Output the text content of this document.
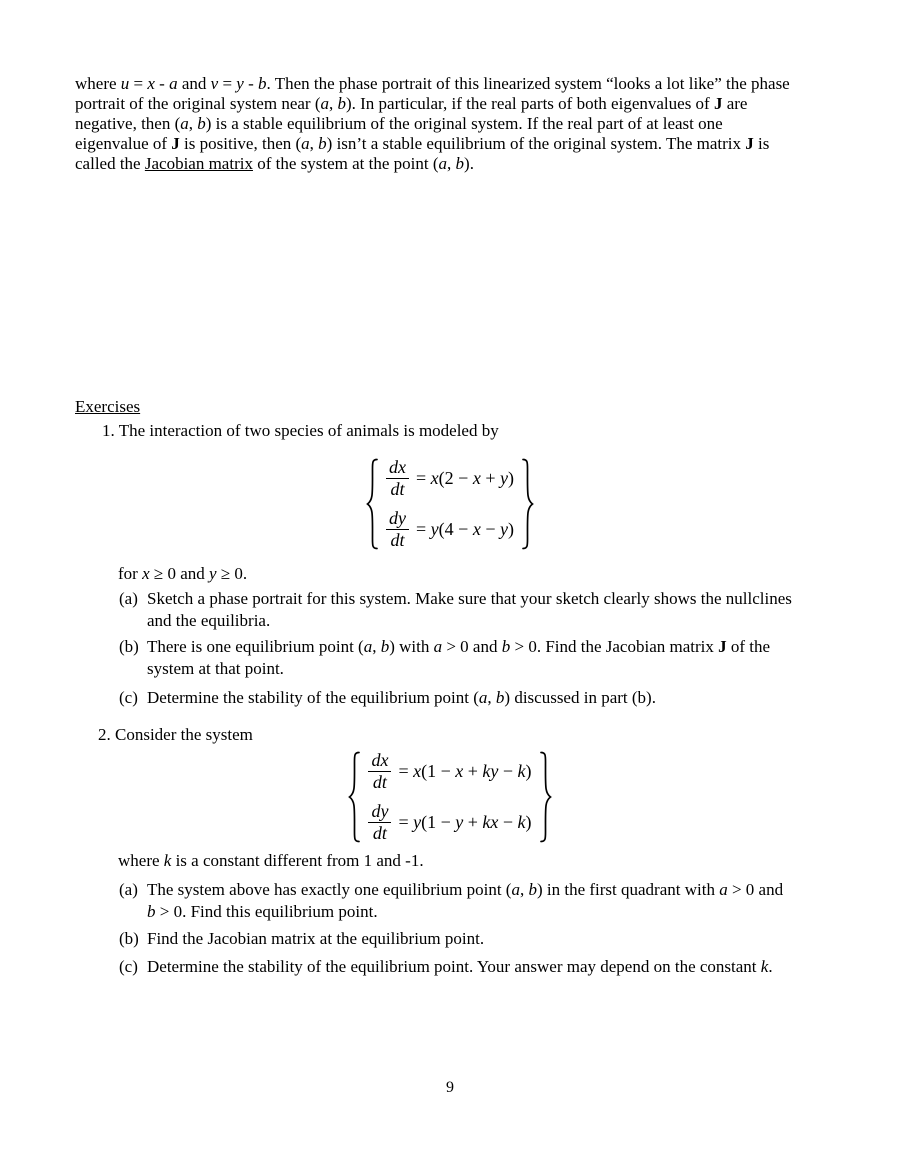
where u = x - a and v = y - b. Then the phase portrait of this linearized system “looks a lot like” the phase
portrait of the original system near (a, b). In particular, if the real parts of both eigenvalues of J are
negative, then (a, b) is a stable equilibrium of the original system. If the real part of at least one
eigenvalue of J is positive, then (a, b) isn’t a stable equilibrium of the original system. The matrix J is
called the Jacobian matrix of the system at the point (a, b).
Exercises
1. The interaction of two species of animals is modeled by
$\frac{dx}{dt} = x(2 - x + y)$
$\frac{dy}{dt} = y(4 - x - y)$
for x ≥ 0 and y ≥ 0.
(a) Sketch a phase portrait for this system. Make sure that your sketch clearly shows the nullclines
and the equilibria.
(b) There is one equilibrium point (a, b) with a > 0 and b > 0. Find the Jacobian matrix J of the
system at that point.
(c) Determine the stability of the equilibrium point (a, b) discussed in part (b).
2. Consider the system
$\frac{dx}{dt} = x(1 - x$ + ky − k)
$\frac{dy}{dt} = y(1 - y$ + kx − k)
where k is a constant different from 1 and -1.
(a) The system above has exactly one equilibrium point (a, b) in the first quadrant with a > 0 and
b > 0. Find this equilibrium point.
(b) Find the Jacobian matrix at the equilibrium point.
(c) Determine the stability of the equilibrium point. Your answer may depend on the constant k.
9
